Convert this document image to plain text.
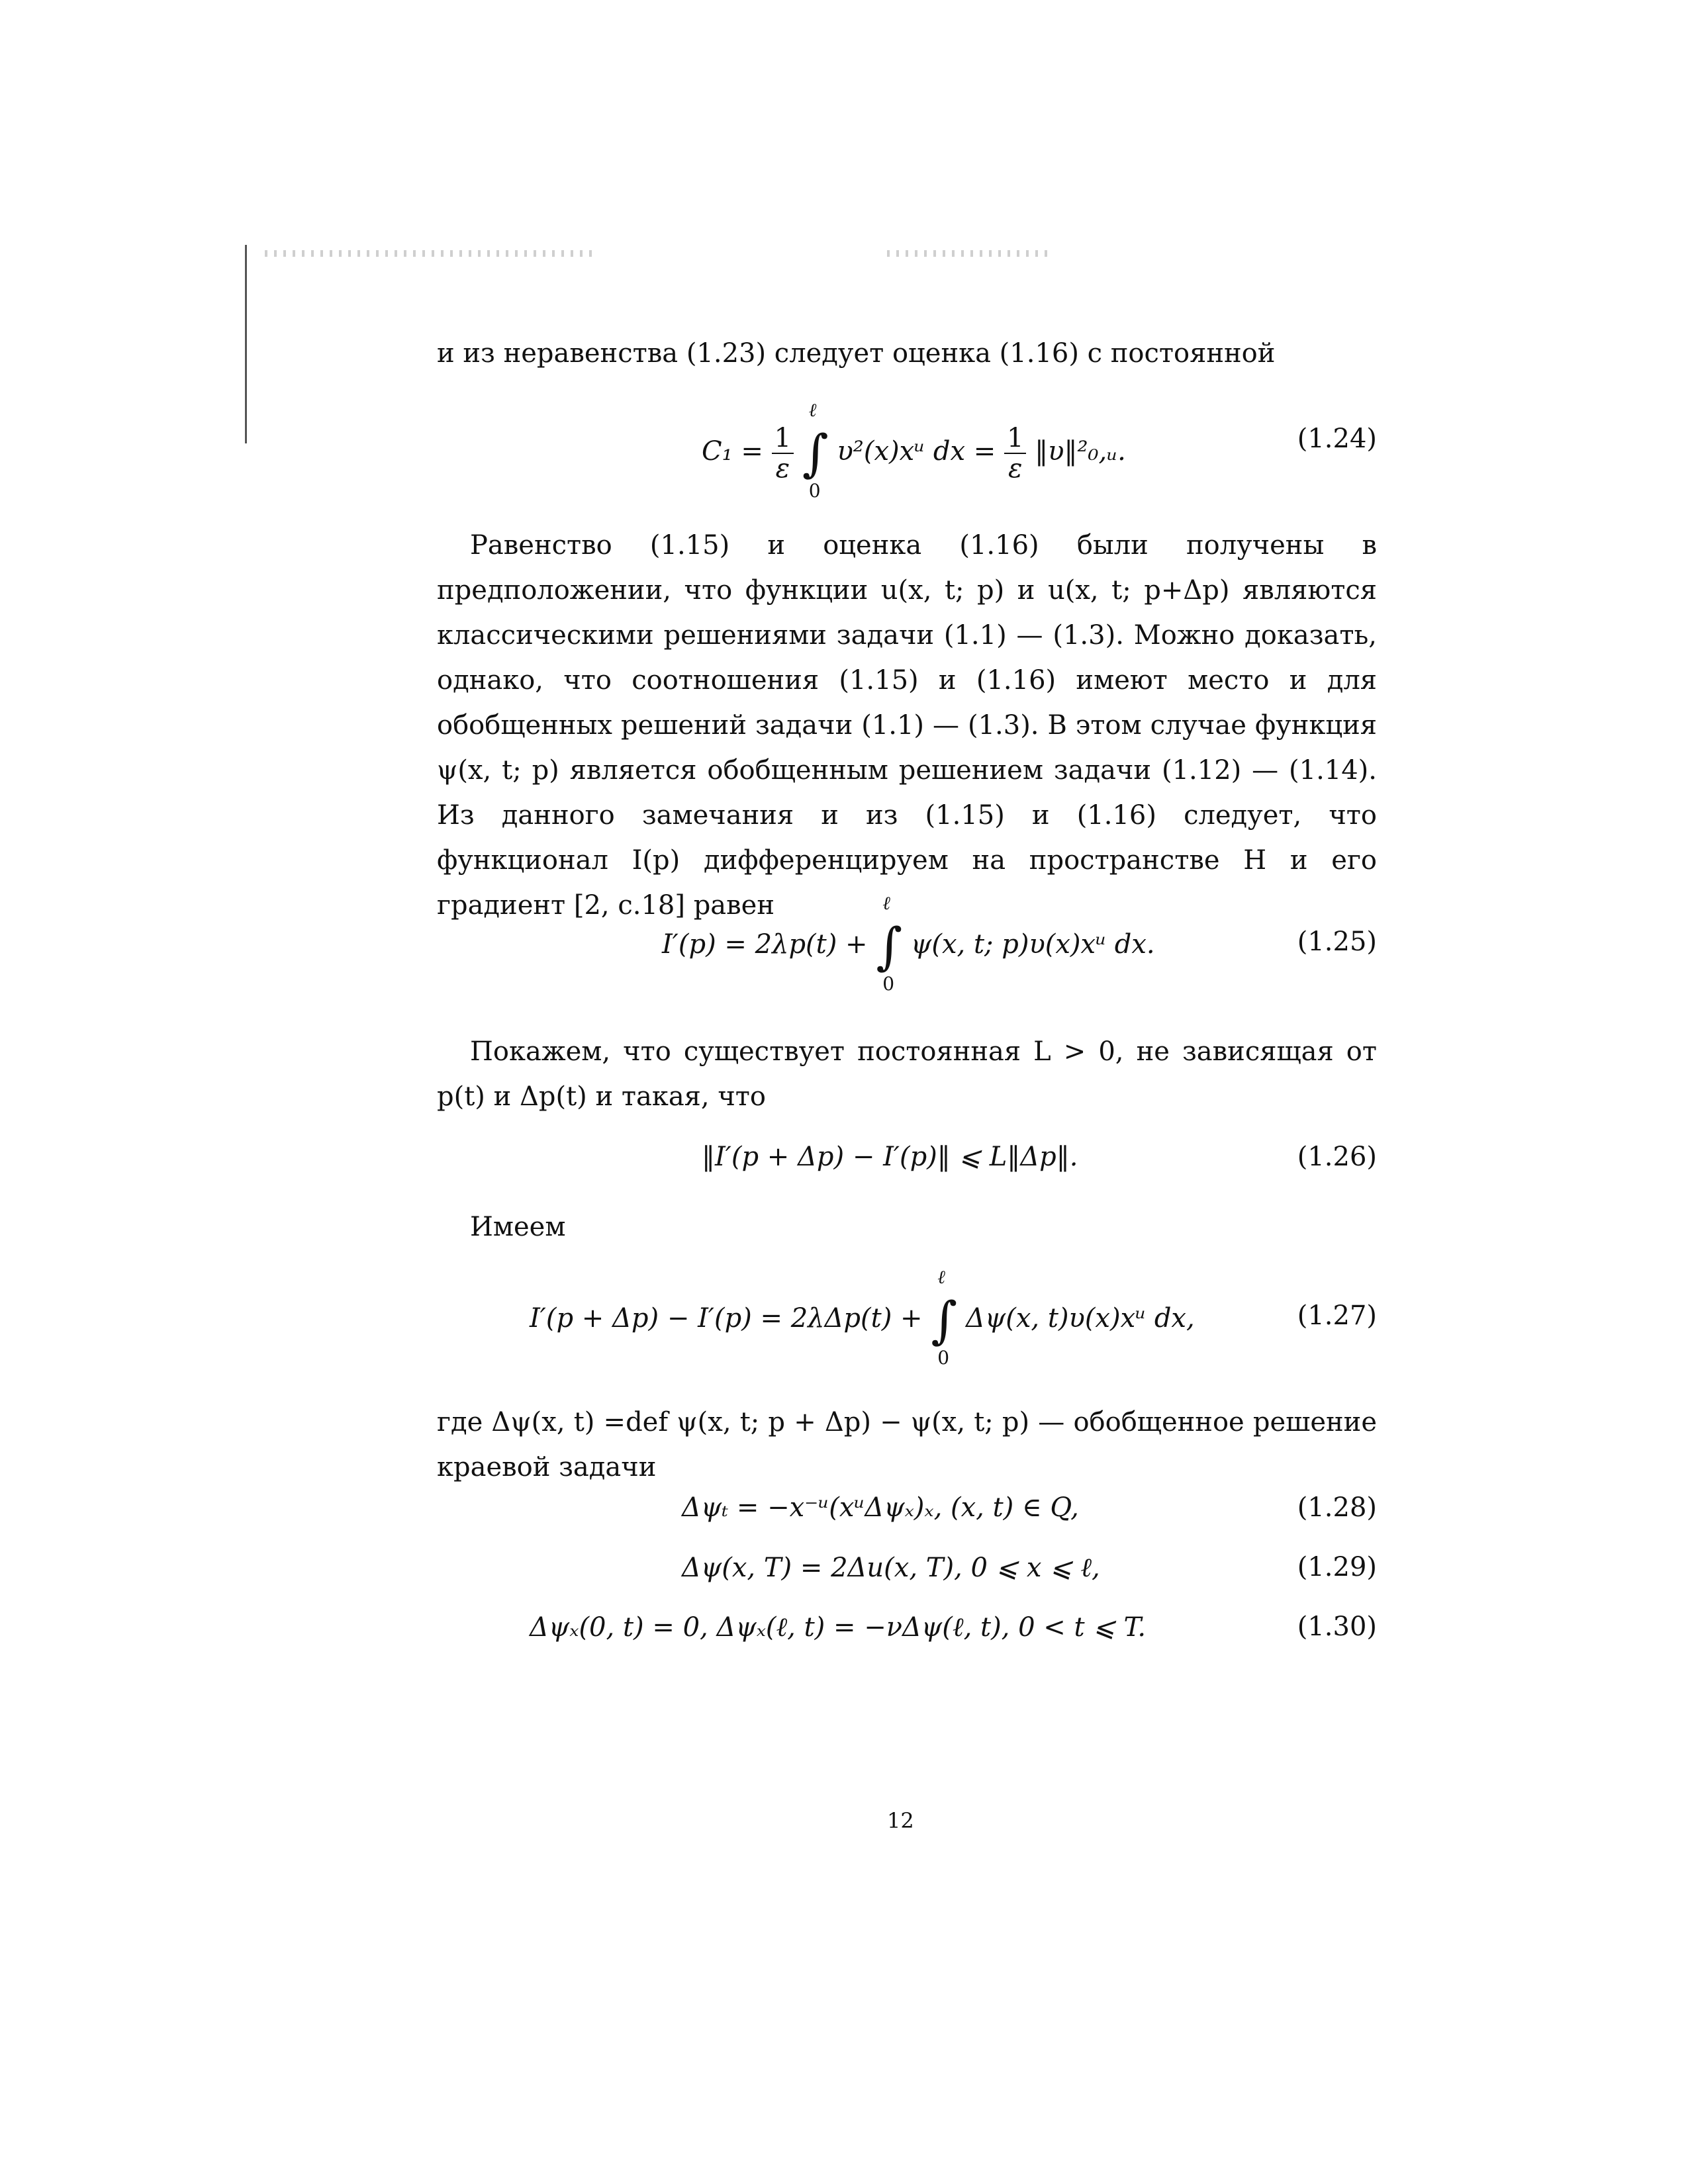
и из неравенства (1.23) следует оценка (1.16) с постоянной

$C_1 = \frac{1}{\varepsilon}$

ℓ
∫
0
υ²(x)xᵘ dx = $\frac{1}{\varepsilon}$ ‖υ‖²₀,ᵤ.	(1.24)

Равенство (1.15) и оценка (1.16) были получены в предположении, что функции u(x, t; p) и u(x, t; p+Δp) являются классическими решениями задачи (1.1) — (1.3). Можно доказать, однако, что соотношения (1.15) и (1.16) имеют место и для обобщенных решений задачи (1.1) — (1.3). В этом случае функция ψ(x, t; p) является обобщенным решением задачи (1.12) — (1.14). Из данного замечания и из (1.15) и (1.16) следует, что функционал I(p) дифференцируем на пространстве H и его градиент [2, с.18] равен

I′(p) = 2λp(t) +
ℓ
∫
0
ψ(x, t; p)υ(x)xᵘ dx.	(1.25)

Покажем, что существует постоянная L > 0, не зависящая от p(t) и Δp(t) и такая, что

‖I′(p + Δp) − I′(p)‖ ⩽ L‖Δp‖.	(1.26)

Имеем

I′(p + Δp) − I′(p) = 2λΔp(t) +
ℓ
∫
0
Δψ(x, t)υ(x)xᵘ dx,	(1.27)

где Δψ(x, t) =def ψ(x, t; p + Δp) − ψ(x, t; p) — обобщенное решение краевой задачи

Δψₜ = −x⁻ᵘ(xᵘΔψₓ)ₓ, (x, t) ∈ Q,	(1.28)
Δψ(x, T) = 2Δu(x, T), 0 ⩽ x ⩽ ℓ,	(1.29)
Δψₓ(0, t) = 0, Δψₓ(ℓ, t) = −νΔψ(ℓ, t), 0 < t ⩽ T.	(1.30)
12
